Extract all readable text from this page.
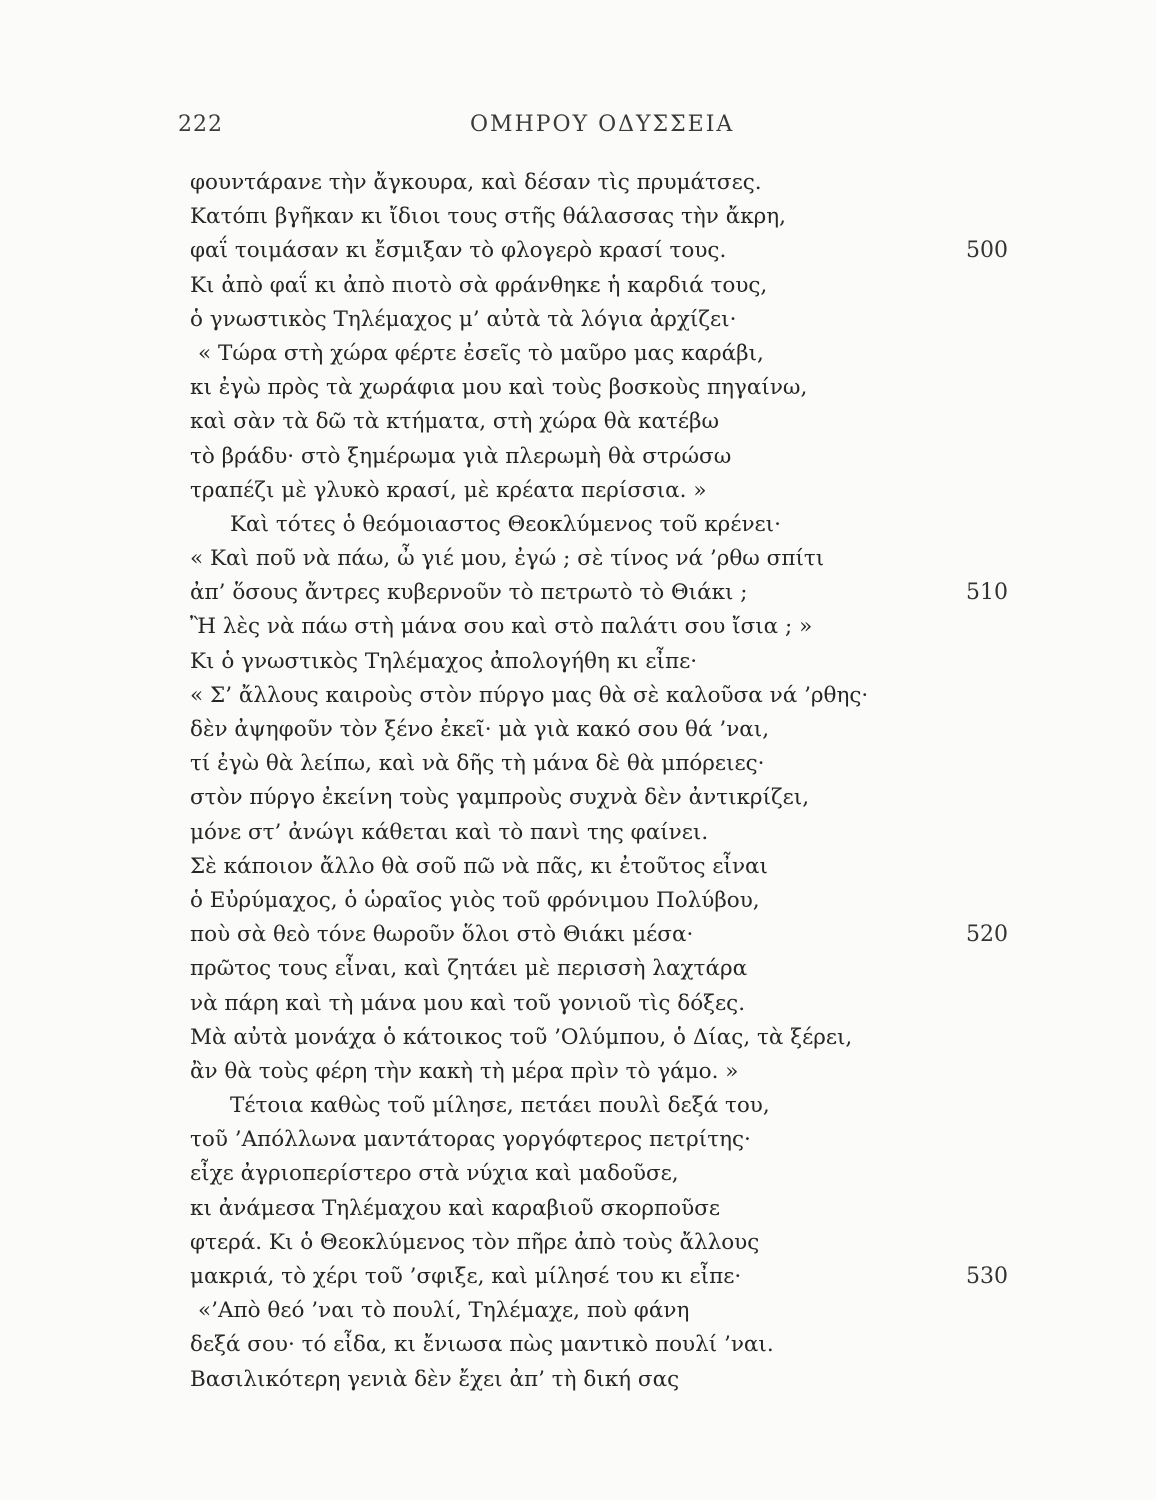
222	ΟΜΗΡΟΥ ΟΔΥΣΣΕΙΑ
φουντάρανε τὴν ἄγκουρα, καὶ δέσαν τὶς πρυμάτσες.
Κατόπι βγῆκαν κι ἴδιοι τους στῆς θάλασσας τὴν ἄκρη,
φαΐ τοιμάσαν κι ἔσμιξαν τὸ φλογερὸ κρασί τους.	500
Κι ἀπὸ φαΐ κι ἀπὸ πιοτὸ σὰ φράνθηκε ἡ καρδιά τους,
ὁ γνωστικὸς Τηλέμαχος μ’ αὐτὰ τὰ λόγια ἀρχίζει·
« Τώρα στὴ χώρα φέρτε ἐσεῖς τὸ μαῦρο μας καράβι,
κι ἐγὼ πρὸς τὰ χωράφια μου καὶ τοὺς βοσκοὺς πηγαίνω,
καὶ σὰν τὰ δῶ τὰ κτήματα, στὴ χώρα θὰ κατέβω
τὸ βράδυ· στὸ ξημέρωμα γιὰ πλερωμὴ θὰ στρώσω
τραπέζι μὲ γλυκὸ κρασί, μὲ κρέατα περίσσια. »
Καὶ τότες ὁ θεόμοιαστος Θεοκλύμενος τοῦ κρένει·
« Καὶ ποῦ νὰ πάω, ὦ γιέ μου, ἐγώ ; σὲ τίνος νά ’ρθω σπίτι
ἀπ’ ὅσους ἄντρες κυβερνοῦν τὸ πετρωτὸ τὸ Θιάκι ;	510
Ἢ λὲς νὰ πάω στὴ μάνα σου καὶ στὸ παλάτι σου ἴσια ; »
Κι ὁ γνωστικὸς Τηλέμαχος ἀπολογήθη κι εἶπε·
« Σ’ ἄλλους καιροὺς στὸν πύργο μας θὰ σὲ καλοῦσα νά ’ρθης·
δὲν ἀψηφοῦν τὸν ξένο ἐκεῖ· μὰ γιὰ κακό σου θά ’ναι,
τί ἐγὼ θὰ λείπω, καὶ νὰ δῆς τὴ μάνα δὲ θὰ μπόρειες·
στὸν πύργο ἐκείνη τοὺς γαμπροὺς συχνὰ δὲν ἀντικρίζει,
μόνε στ’ ἀνώγι κάθεται καὶ τὸ πανὶ της φαίνει.
Σὲ κάποιον ἄλλο θὰ σοῦ πῶ νὰ πᾶς, κι ἐτοῦτος εἶναι
ὁ Εὐρύμαχος, ὁ ὡραῖος γιὸς τοῦ φρόνιμου Πολύβου,
ποὺ σὰ θεὸ τόνε θωροῦν ὅλοι στὸ Θιάκι μέσα·	520
πρῶτος τους εἶναι, καὶ ζητάει μὲ περισσὴ λαχτάρα
νὰ πάρη καὶ τὴ μάνα μου καὶ τοῦ γονιοῦ τὶς δόξες.
Μὰ αὐτὰ μονάχα ὁ κάτοικος τοῦ ’Ολύμπου, ὁ Δίας, τὰ ξέρει,
ἂν θὰ τοὺς φέρη τὴν κακὴ τὴ μέρα πρὶν τὸ γάμο. »
Τέτοια καθὼς τοῦ μίλησε, πετάει πουλὶ δεξά του,
τοῦ ’Απόλλωνα μαντάτορας γοργόφτερος πετρίτης·
εἶχε ἀγριοπερίστερο στὰ νύχια καὶ μαδοῦσε,
κι ἀνάμεσα Τηλέμαχου καὶ καραβιοῦ σκορποῦσε
φτερά. Κι ὁ Θεοκλύμενος τὸν πῆρε ἀπὸ τοὺς ἄλλους
μακριά, τὸ χέρι τοῦ ’σφιξε, καὶ μίλησέ του κι εἶπε·	530
«’Απὸ θεό ’ναι τὸ πουλί, Τηλέμαχε, ποὺ φάνη
δεξά σου· τό εἶδα, κι ἔνιωσα πὼς μαντικὸ πουλί ’ναι.
Βασιλικότερη γενιὰ δὲν ἔχει ἀπ’ τὴ δική σας
